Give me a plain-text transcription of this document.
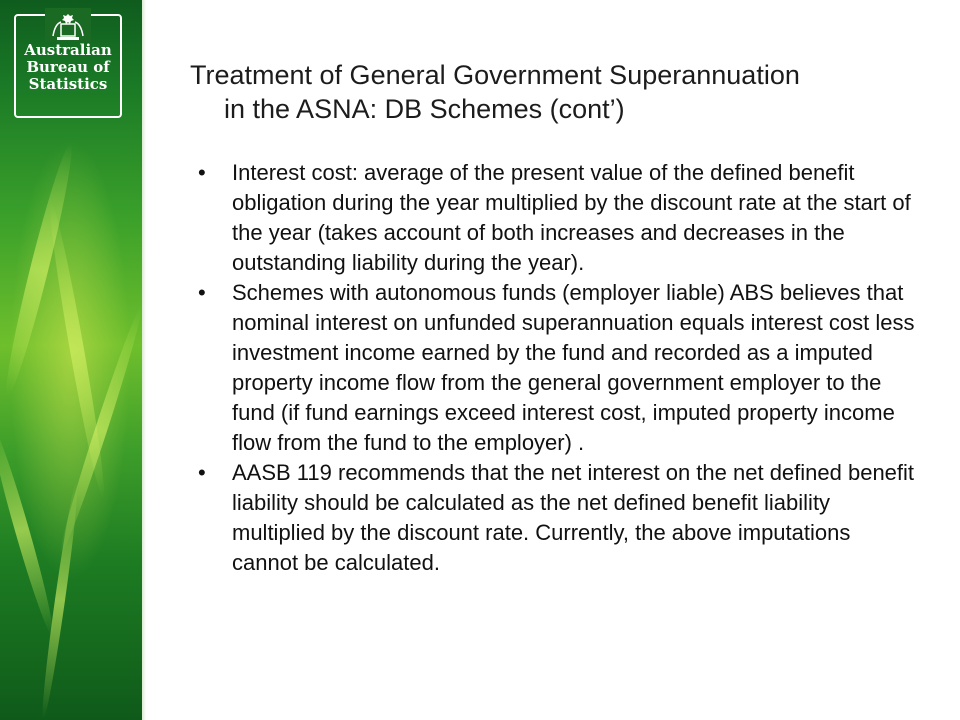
Australian
Bureau of
Statistics	Treatment of General Government Superannuation
in the ASNA: DB Schemes (cont’)
•	Interest cost: average of the present value of the defined benefit obligation during the year multiplied by the discount rate at the start of the year (takes account of both increases and decreases in the outstanding liability during the year).
•	Schemes with autonomous funds (employer liable) ABS believes that nominal interest on unfunded superannuation equals interest cost less investment income earned by the fund and recorded as a imputed property income flow from the general government employer to the fund (if fund earnings exceed interest cost, imputed property income flow from the fund to the employer) .
•	AASB 119 recommends that the net interest on the net defined benefit liability should be calculated as the net defined benefit liability multiplied by the discount rate. Currently, the above imputations cannot be calculated.
